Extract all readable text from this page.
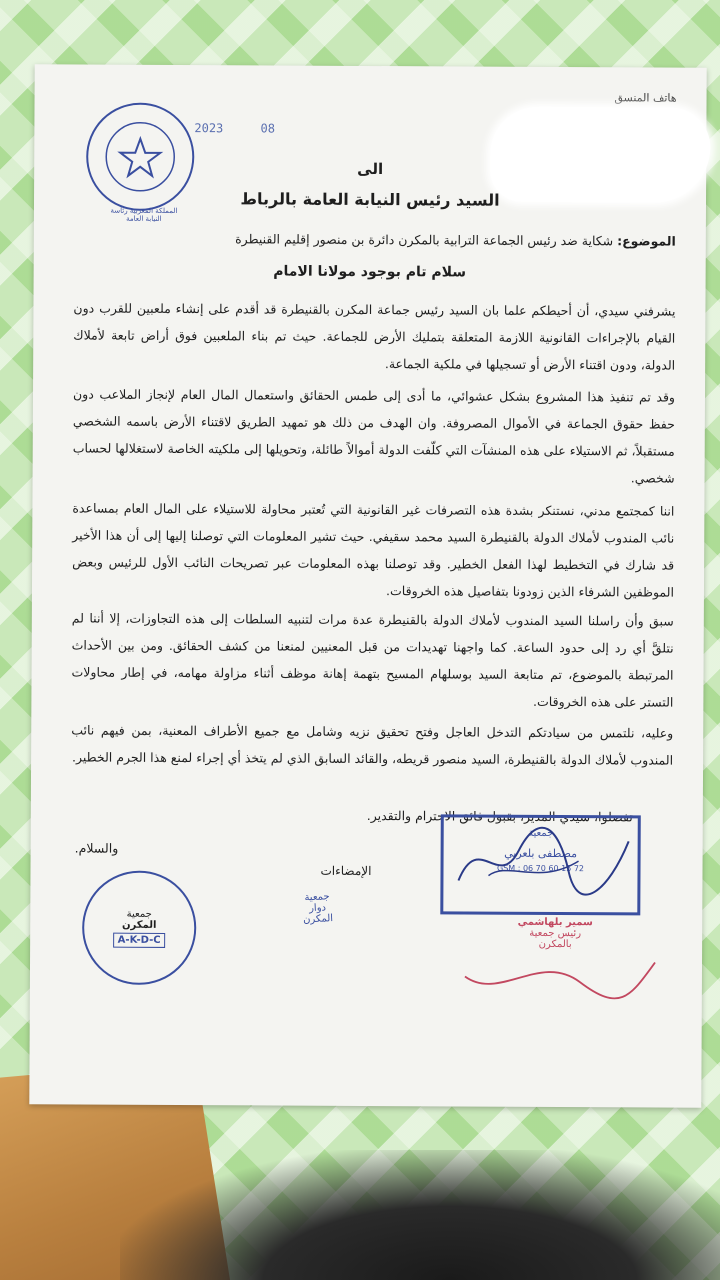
هاتف المنسق
المملكة المغربية رئاسة النيابة العامة
2023	08
الى
السيد رئيس النيابة العامة بالرباط
الموضوع: شكاية ضد رئيس الجماعة الترابية بالمكرن دائرة بن منصور إقليم القنيطرة
سلام تام بوجود مولانا الامام
يشرفني سيدي، أن أحيطكم علما بان السيد رئيس جماعة المكرن بالقنيطرة قد أقدم على إنشاء ملعبين للقرب دون القيام بالإجراءات القانونية اللازمة المتعلقة بتمليك الأرض للجماعة. حيث تم بناء الملعبين فوق أراض تابعة لأملاك الدولة، ودون اقتناء الأرض أو تسجيلها في ملكية الجماعة.
وقد تم تنفيذ هذا المشروع بشكل عشوائي، ما أدى إلى طمس الحقائق واستعمال المال العام لإنجاز الملاعب دون حفظ حقوق الجماعة في الأموال المصروفة. وان الهدف من ذلك هو تمهيد الطريق لاقتناء الأرض باسمه الشخصي مستقبلاً، ثم الاستيلاء على هذه المنشآت التي كلّفت الدولة أموالاً طائلة، وتحويلها إلى ملكيته الخاصة لاستغلالها لحساب شخصي.
اننا كمجتمع مدني، نستنكر بشدة هذه التصرفات غير القانونية التي تُعتبر محاولة للاستيلاء على المال العام بمساعدة نائب المندوب لأملاك الدولة بالقنيطرة السيد محمد سقيفي. حيث تشير المعلومات التي توصلنا إليها إلى أن هذا الأخير قد شارك في التخطيط لهذا الفعل الخطير. وقد توصلنا بهذه المعلومات عبر تصريحات النائب الأول للرئيس وبعض الموظفين الشرفاء الذين زودونا بتفاصيل هذه الخروقات.
سبق وأن راسلنا السيد المندوب لأملاك الدولة بالقنيطرة عدة مرات لتنبيه السلطات إلى هذه التجاوزات، إلا أننا لم نتلقَّ أي رد إلى حدود الساعة. كما واجهنا تهديدات من قبل المعنيين لمنعنا من كشف الحقائق. ومن بين الأحداث المرتبطة بالموضوع، تم متابعة السيد بوسلهام المسيح بتهمة إهانة موظف أثناء مزاولة مهامه، في إطار محاولات التستر على هذه الخروقات.
وعليه، نلتمس من سيادتكم التدخل العاجل وفتح تحقيق نزيه وشامل مع جميع الأطراف المعنية، بمن فيهم نائب المندوب لأملاك الدولة بالقنيطرة، السيد منصور قريطه، والقائد السابق الذي لم يتخذ أي إجراء لمنع هذا الجرم الخطير.
تفضلوا، سيدي المدير، بقبول فائق الاحترام والتقدير.
والسلام.
الإمضاءات
جمعية
المكرن
A-K-D-C
جمعية
دوار
المكرن
جمعية
مصطفى بلعربي
GSM : 06 70 60 15 72
سمير بلهاشمي
رئيس جمعية
بالمكرن
